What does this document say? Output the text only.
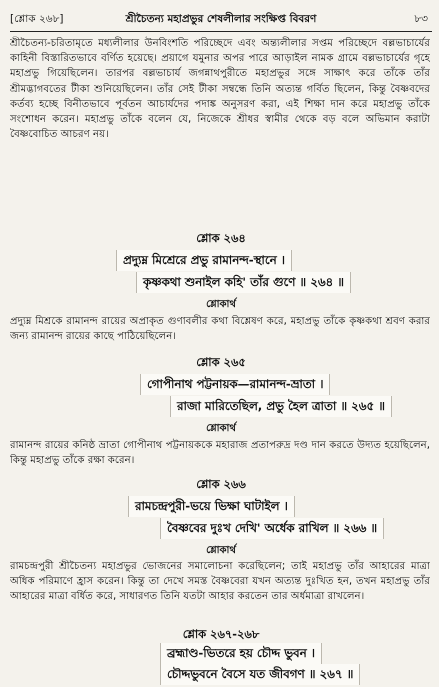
[শ্লোক ২৬৮]	শ্রীচৈতন্য মহাপ্রভুর শেষলীলার সংক্ষিপ্ত বিবরণ	৮৩

শ্রীচৈতন্য-চরিতামৃতে মধ্যলীলার উনবিংশতি পরিচ্ছেদে এবং অন্ত্যলীলার সপ্তম পরিচ্ছেদে বল্লভাচার্যের কাহিনী বিস্তারিতভাবে বর্ণিত হয়েছে। প্রয়াগে যমুনার অপর পারে আড়াইল নামক গ্রামে বল্লভাচার্যের গৃহে মহাপ্রভু গিয়েছিলেন। তারপর বল্লভাচার্য জগন্নাথপুরীতে মহাপ্রভুর সঙ্গে সাক্ষাৎ করে তাঁকে তাঁর শ্রীমদ্ভাগবতের টীকা শুনিয়েছিলেন। তাঁর সেই টীকা সম্বন্ধে তিনি অত্যন্ত গর্বিত ছিলেন, কিন্তু বৈষ্ণবদের কর্তব্য হচ্ছে বিনীতভাবে পূর্বতন আচার্যদের পদাঙ্ক অনুসরণ করা, এই শিক্ষা দান করে মহাপ্রভু তাঁকে সংশোধন করেন। মহাপ্রভু তাঁকে বলেন যে, নিজেকে শ্রীধর স্বামীর থেকে বড় বলে অভিমান করাটা বৈষ্ণবোচিত আচরণ নয়।

শ্লোক ২৬৪
প্রদ্যুম্ন মিশ্রেরে প্রভু রামানন্দ-স্থানে ।
কৃষ্ণকথা শুনাইল কহি' তাঁর গুণে ॥ ২৬৪ ॥
শ্লোকার্থ

প্রদ্যুম্ন মিশ্রকে রামানন্দ রায়ের অপ্রাকৃত গুণাবলীর কথা বিশ্লেষণ করে, মহাপ্রভু তাঁকে কৃষ্ণকথা শ্রবণ করার জন্য রামানন্দ রায়ের কাছে পাঠিয়েছিলেন।

শ্লোক ২৬৫
গোপীনাথ পট্টনায়ক—রামানন্দ-ভ্রাতা ।
রাজা মারিতেছিল, প্রভু হৈল ত্রাতা ॥ ২৬৫ ॥
শ্লোকার্থ

রামানন্দ রায়ের কনিষ্ঠ ভ্রাতা গোপীনাথ পট্টনায়ককে মহারাজ প্রতাপরুদ্র দণ্ড দান করতে উদ্যত হয়েছিলেন, কিন্তু মহাপ্রভু তাঁকে রক্ষা করেন।

শ্লোক ২৬৬
রামচন্দ্রপুরী-ভয়ে ভিক্ষা ঘাটাইল ।
বৈষ্ণবের দুঃখ দেখি' অর্ধেক রাখিল ॥ ২৬৬ ॥
শ্লোকার্থ

রামচন্দ্রপুরী শ্রীচৈতন্য মহাপ্রভুর ভোজনের সমালোচনা করেছিলেন; তাই মহাপ্রভু তাঁর আহারের মাত্রা অধিক পরিমাণে হ্রাস করেন। কিন্তু তা দেখে সমস্ত বৈষ্ণবেরা যখন অত্যন্ত দুঃখিত হন, তখন মহাপ্রভু তাঁর আহারের মাত্রা বর্ধিত করে, সাধারণত তিনি যতটা আহার করতেন তার অর্ধমাত্রা রাখলেন।

শ্লোক ২৬৭-২৬৮
ব্রহ্মাণ্ড-ভিতরে হয় চৌদ্দ ভুবন ।
চৌদ্দভুবনে বৈসে যত জীবগণ ॥ ২৬৭ ॥
